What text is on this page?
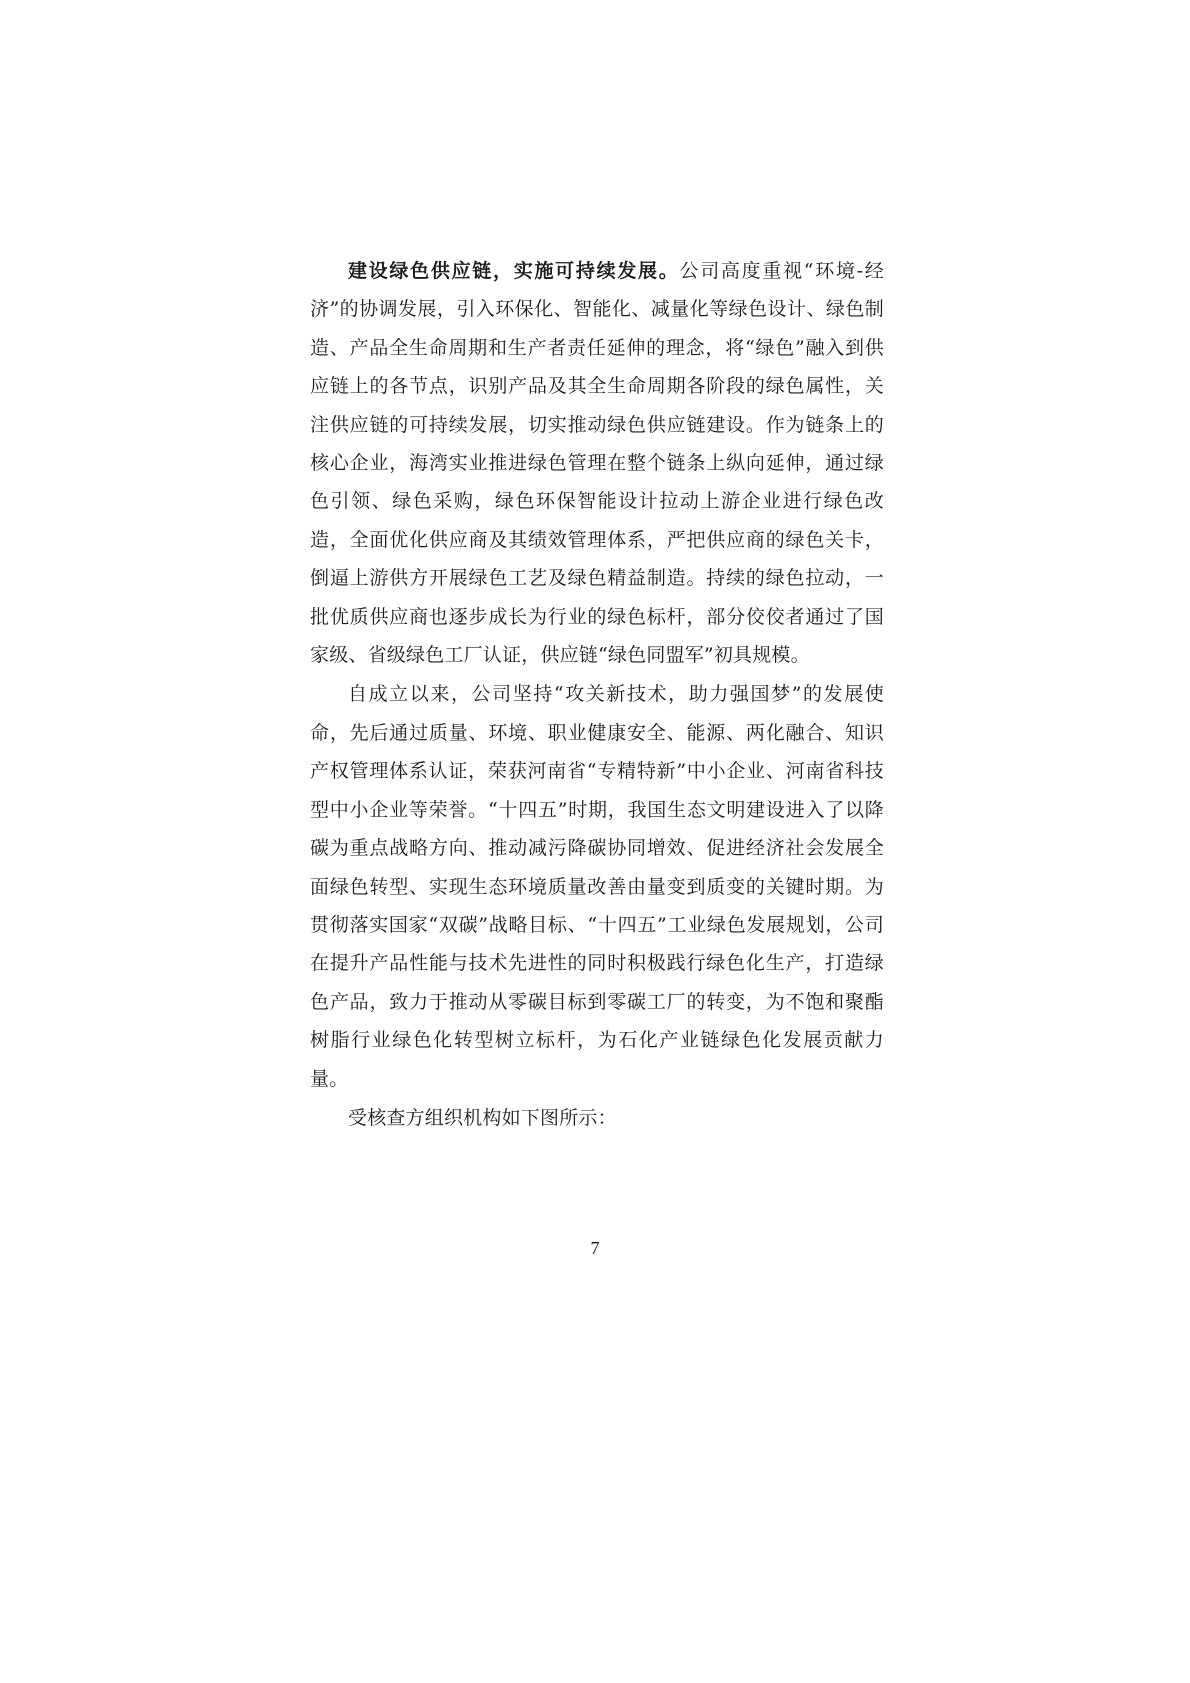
建设绿色供应链，实施可持续发展。公司高度重视“环境-经济”的协调发展，引入环保化、智能化、减量化等绿色设计、绿色制造、产品全生命周期和生产者责任延伸的理念，将“绿色”融入到供应链上的各节点，识别产品及其全生命周期各阶段的绿色属性，关注供应链的可持续发展，切实推动绿色供应链建设。作为链条上的核心企业，海湾实业推进绿色管理在整个链条上纵向延伸，通过绿色引领、绿色采购，绿色环保智能设计拉动上游企业进行绿色改造，全面优化供应商及其绩效管理体系，严把供应商的绿色关卡，倒逼上游供方开展绿色工艺及绿色精益制造。持续的绿色拉动，一批优质供应商也逐步成长为行业的绿色标杆，部分佼佼者通过了国家级、省级绿色工厂认证，供应链“绿色同盟军”初具规模。

自成立以来，公司坚持“攻关新技术，助力强国梦”的发展使命，先后通过质量、环境、职业健康安全、能源、两化融合、知识产权管理体系认证，荣获河南省“专精特新”中小企业、河南省科技型中小企业等荣誉。“十四五”时期，我国生态文明建设进入了以降碳为重点战略方向、推动减污降碳协同增效、促进经济社会发展全面绿色转型、实现生态环境质量改善由量变到质变的关键时期。为贯彻落实国家“双碳”战略目标、“十四五”工业绿色发展规划，公司在提升产品性能与技术先进性的同时积极践行绿色化生产，打造绿色产品，致力于推动从零碳目标到零碳工厂的转变，为不饱和聚酯树脂行业绿色化转型树立标杆，为石化产业链绿色化发展贡献力量。

受核查方组织机构如下图所示：

7
